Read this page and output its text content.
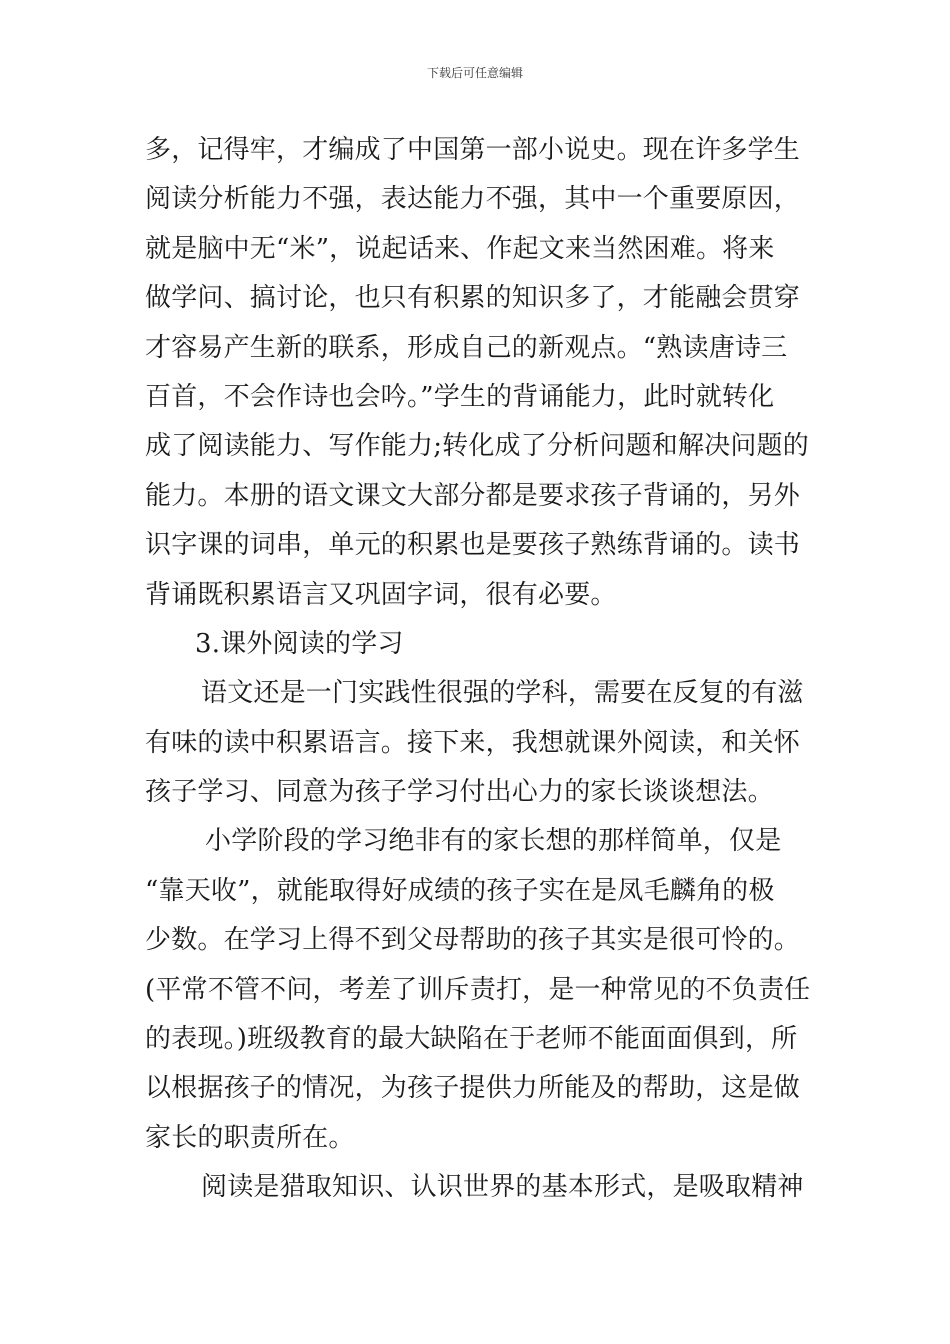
下载后可任意编辑
多，记得牢，才编成了中国第一部小说史。现在许多学生
阅读分析能力不强，表达能力不强，其中一个重要原因，
就是脑中无“米”，说起话来、作起文来当然困难。将来
做学问、搞讨论，也只有积累的知识多了，才能融会贯穿
才容易产生新的联系，形成自己的新观点。“熟读唐诗三
百首，不会作诗也会吟。”学生的背诵能力，此时就转化
成了阅读能力、写作能力;转化成了分析问题和解决问题的
能力。本册的语文课文大部分都是要求孩子背诵的，另外
识字课的词串，单元的积累也是要孩子熟练背诵的。读书
背诵既积累语言又巩固字词，很有必要。
3.课外阅读的学习
语文还是一门实践性很强的学科，需要在反复的有滋
有味的读中积累语言。接下来，我想就课外阅读，和关怀
孩子学习、同意为孩子学习付出心力的家长谈谈想法。
小学阶段的学习绝非有的家长想的那样简单，仅是
“靠天收”，就能取得好成绩的孩子实在是凤毛麟角的极
少数。在学习上得不到父母帮助的孩子其实是很可怜的。
(平常不管不问，考差了训斥责打，是一种常见的不负责任
的表现。)班级教育的最大缺陷在于老师不能面面俱到，所
以根据孩子的情况，为孩子提供力所能及的帮助，这是做
家长的职责所在。
阅读是猎取知识、认识世界的基本形式，是吸取精神
